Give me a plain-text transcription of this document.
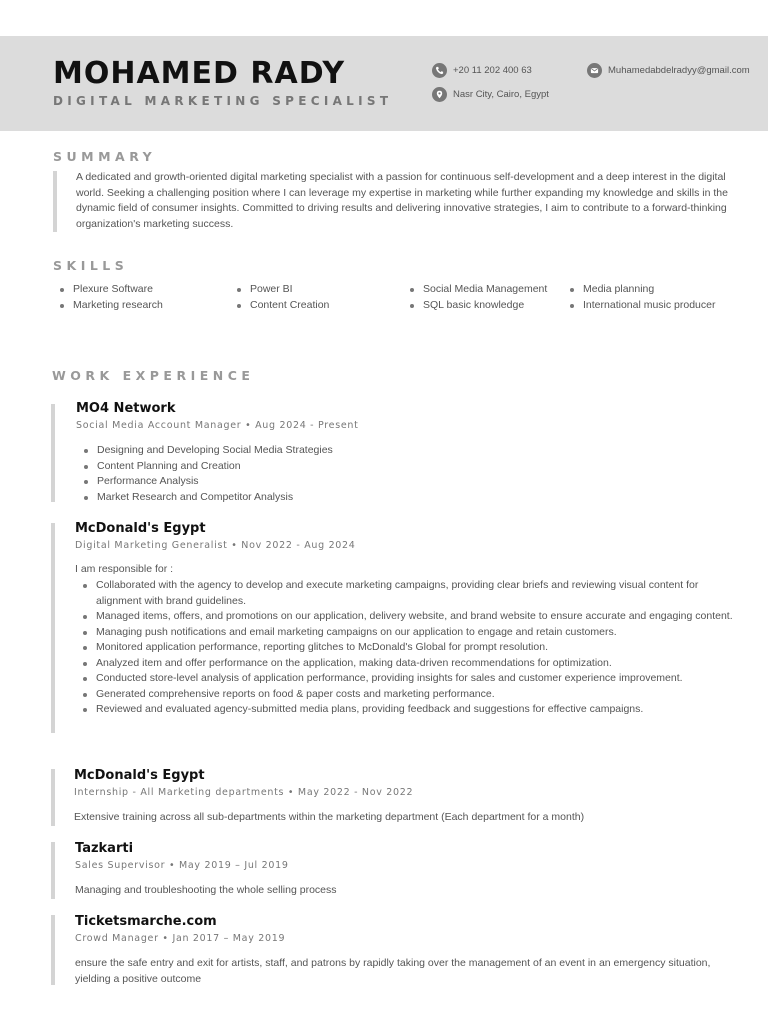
MOHAMED RADY
DIGITAL MARKETING SPECIALIST
+20 11 202 400 63
Nasr City, Cairo, Egypt
Muhamedabdelradyy@gmail.com
SUMMARY
A dedicated and growth-oriented digital marketing specialist with a passion for continuous self-development and a deep interest in the digital world. Seeking a challenging position where I can leverage my expertise in marketing while further expanding my knowledge and skills in the dynamic field of consumer insights. Committed to driving results and delivering innovative strategies, I aim to contribute to a forward-thinking organization's marketing success.
SKILLS
Plexure Software
Marketing research
Power BI
Content Creation
Social Media Management
SQL basic knowledge
Media planning
International music producer
WORK EXPERIENCE
MO4 Network
Social Media Account Manager • Aug 2024 - Present
Designing and Developing Social Media Strategies
Content Planning and Creation
Performance Analysis
Market Research and Competitor Analysis
McDonald's Egypt
Digital Marketing Generalist • Nov 2022 - Aug 2024
I am responsible for :
Collaborated with the agency to develop and execute marketing campaigns, providing clear briefs and reviewing visual content for alignment with brand guidelines.
Managed items, offers, and promotions on our application, delivery website, and brand website to ensure accurate and engaging content.
Managing push notifications and email marketing campaigns on our application to engage and retain customers.
Monitored application performance, reporting glitches to McDonald's Global for prompt resolution.
Analyzed item and offer performance on the application, making data-driven recommendations for optimization.
Conducted store-level analysis of application performance, providing insights for sales and customer experience improvement.
Generated comprehensive reports on food & paper costs and marketing performance.
Reviewed and evaluated agency-submitted media plans, providing feedback and suggestions for effective campaigns.
McDonald's Egypt
Internship - All Marketing departments • May 2022 - Nov 2022
Extensive training across all sub-departments within the marketing department (Each department for a month)
Tazkarti
Sales Supervisor • May 2019 – Jul 2019
Managing and troubleshooting the whole selling process
Ticketsmarche.com
Crowd Manager • Jan 2017 – May 2019
ensure the safe entry and exit for artists, staff, and patrons by rapidly taking over the management of an event in an emergency situation, yielding a positive outcome
